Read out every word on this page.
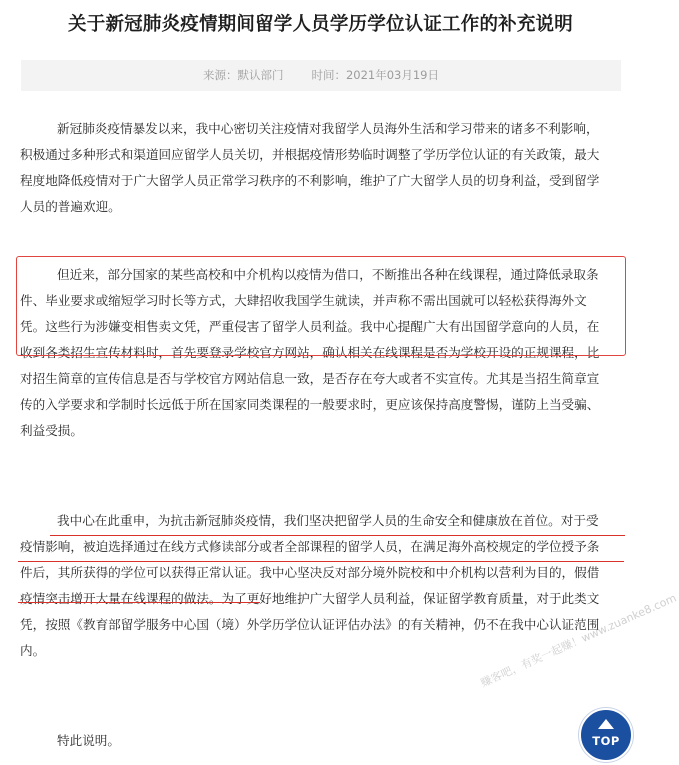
关于新冠肺炎疫情期间留学人员学历学位认证工作的补充说明
来源：默认部门 时间：2021年03月19日
新冠肺炎疫情暴发以来，我中心密切关注疫情对我留学人员海外生活和学习带来的诸多不利影响，
积极通过多种形式和渠道回应留学人员关切，并根据疫情形势临时调整了学历学位认证的有关政策，最大
程度地降低疫情对于广大留学人员正常学习秩序的不利影响，维护了广大留学人员的切身利益，受到留学
人员的普遍欢迎。
但近来，部分国家的某些高校和中介机构以疫情为借口，不断推出各种在线课程，通过降低录取条
件、毕业要求或缩短学习时长等方式，大肆招收我国学生就读，并声称不需出国就可以轻松获得海外文
凭。这些行为涉嫌变相售卖文凭，严重侵害了留学人员利益。我中心提醒广大有出国留学意向的人员，在
收到各类招生宣传材料时，首先要登录学校官方网站，确认相关在线课程是否为学校开设的正规课程，比
对招生简章的宣传信息是否与学校官方网站信息一致，是否存在夸大或者不实宣传。尤其是当招生简章宣
传的入学要求和学制时长远低于所在国家同类课程的一般要求时，更应该保持高度警惕，谨防上当受骗、
利益受损。
我中心在此重申，为抗击新冠肺炎疫情，我们坚决把留学人员的生命安全和健康放在首位。对于受
疫情影响，被迫选择通过在线方式修读部分或者全部课程的留学人员，在满足海外高校规定的学位授予条
件后，其所获得的学位可以获得正常认证。我中心坚决反对部分境外院校和中介机构以营利为目的，假借
疫情突击增开大量在线课程的做法。为了更好地维护广大留学人员利益，保证留学教育质量，对于此类文
凭，按照《教育部留学服务中心国（境）外学历学位认证评估办法》的有关精神，仍不在我中心认证范围
内。
特此说明。
赚客吧，有奖一起赚！www.zuanke8.com
TOP
